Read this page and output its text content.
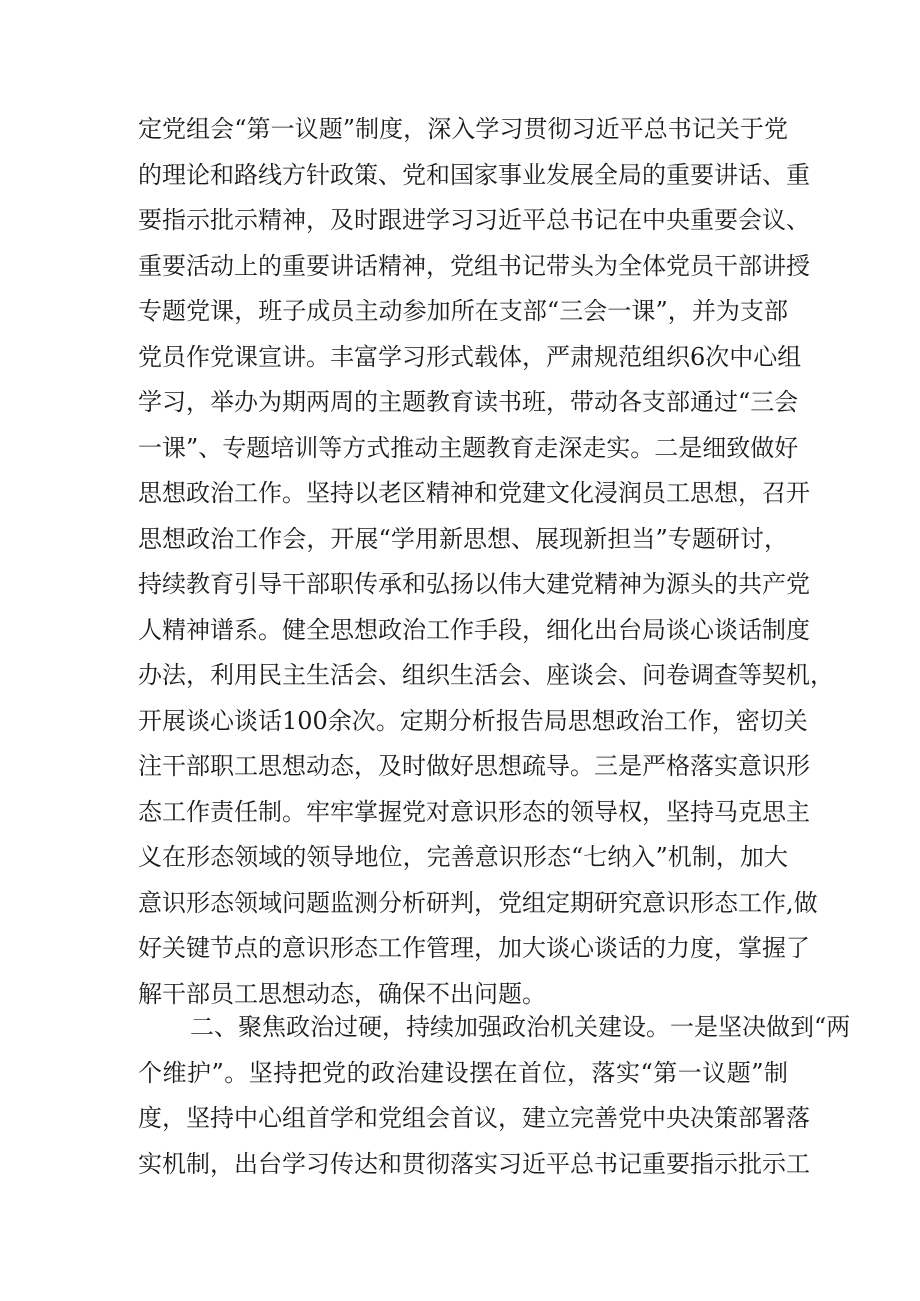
定党组会“第一议题”制度，深入学习贯彻习近平总书记关于党
的理论和路线方针政策、党和国家事业发展全局的重要讲话、重
要指示批示精神，及时跟进学习习近平总书记在中央重要会议、
重要活动上的重要讲话精神，党组书记带头为全体党员干部讲授
专题党课，班子成员主动参加所在支部“三会一课”，并为支部
党员作党课宣讲。丰富学习形式载体，严肃规范组织6次中心组
学习，举办为期两周的主题教育读书班，带动各支部通过“三会
一课”、专题培训等方式推动主题教育走深走实。二是细致做好
思想政治工作。坚持以老区精神和党建文化浸润员工思想，召开
思想政治工作会，开展“学用新思想、展现新担当”专题研讨，
持续教育引导干部职传承和弘扬以伟大建党精神为源头的共产党
人精神谱系。健全思想政治工作手段，细化出台局谈心谈话制度
办法，利用民主生活会、组织生活会、座谈会、问卷调查等契机，
开展谈心谈话100余次。定期分析报告局思想政治工作，密切关
注干部职工思想动态，及时做好思想疏导。三是严格落实意识形
态工作责任制。牢牢掌握党对意识形态的领导权，坚持马克思主
义在形态领域的领导地位，完善意识形态“七纳入”机制，加大
意识形态领域问题监测分析研判，党组定期研究意识形态工作,做
好关键节点的意识形态工作管理，加大谈心谈话的力度，掌握了
解干部员工思想动态，确保不出问题。
二、聚焦政治过硬，持续加强政治机关建设。一是坚决做到“两
个维护”。坚持把党的政治建设摆在首位，落实“第一议题”制
度，坚持中心组首学和党组会首议，建立完善党中央决策部署落
实机制，出台学习传达和贯彻落实习近平总书记重要指示批示工
